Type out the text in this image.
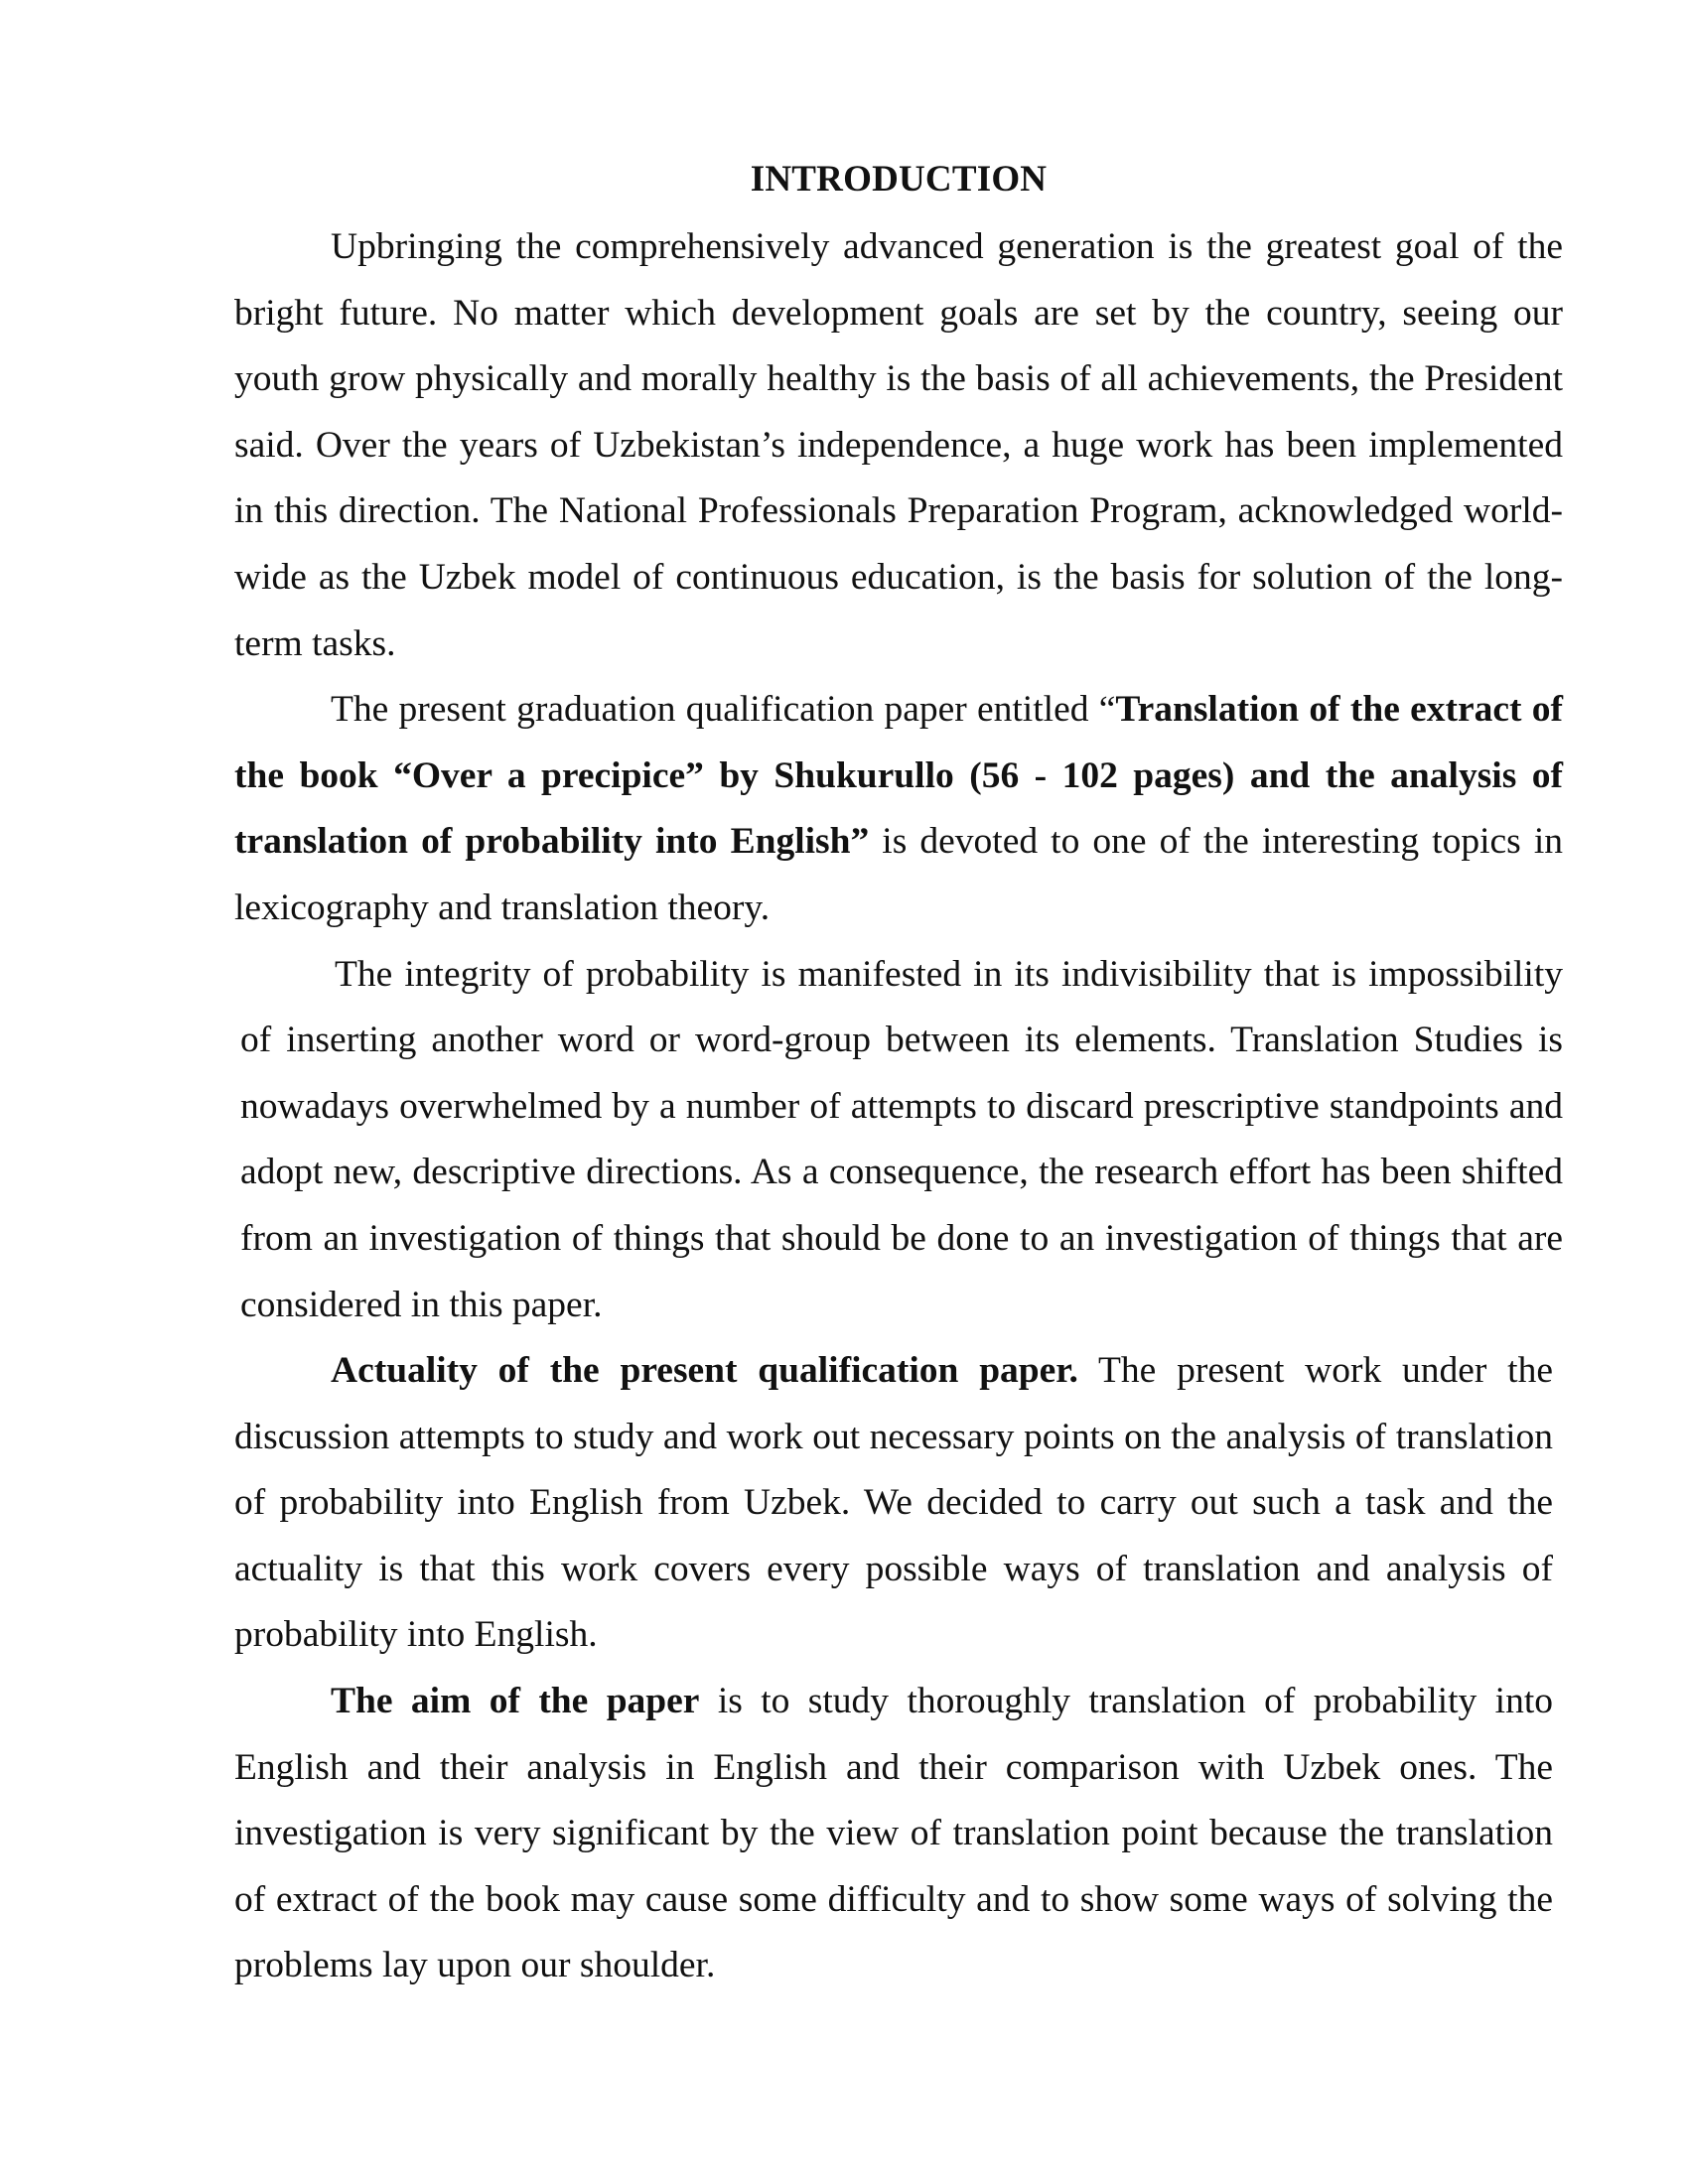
INTRODUCTION

Upbringing the comprehensively advanced generation is the greatest goal of the bright future. No matter which development goals are set by the country, seeing our youth grow physically and morally healthy is the basis of all achievements, the President said. Over the years of Uzbekistan’s independence, a huge work has been implemented in this direction. The National Professionals Preparation Program, acknowledged world-wide as the Uzbek model of continuous education, is the basis for solution of the long-term tasks.

The present graduation qualification paper entitled “Translation of the extract of the book “Over a precipice” by Shukurullo (56 - 102 pages) and the analysis of translation of probability into English” is devoted to one of the interesting topics in lexicography and translation theory.

The integrity of probability is manifested in its indivisibility that is impossibility of inserting another word or word-group between its elements. Translation Studies is nowadays overwhelmed by a number of attempts to discard prescriptive standpoints and adopt new, descriptive directions. As a consequence, the research effort has been shifted from an investigation of things that should be done to an investigation of things that are considered in this paper.

Actuality of the present qualification paper. The present work under the discussion attempts to study and work out necessary points on the analysis of translation of probability into English from Uzbek. We decided to carry out such a task and the actuality is that this work covers every possible ways of translation and analysis of probability into English.

The aim of the paper is to study thoroughly translation of probability into English and their analysis in English and their comparison with Uzbek ones. The investigation is very significant by the view of translation point because the translation of extract of the book may cause some difficulty and to show some ways of solving the problems lay upon our shoulder.
